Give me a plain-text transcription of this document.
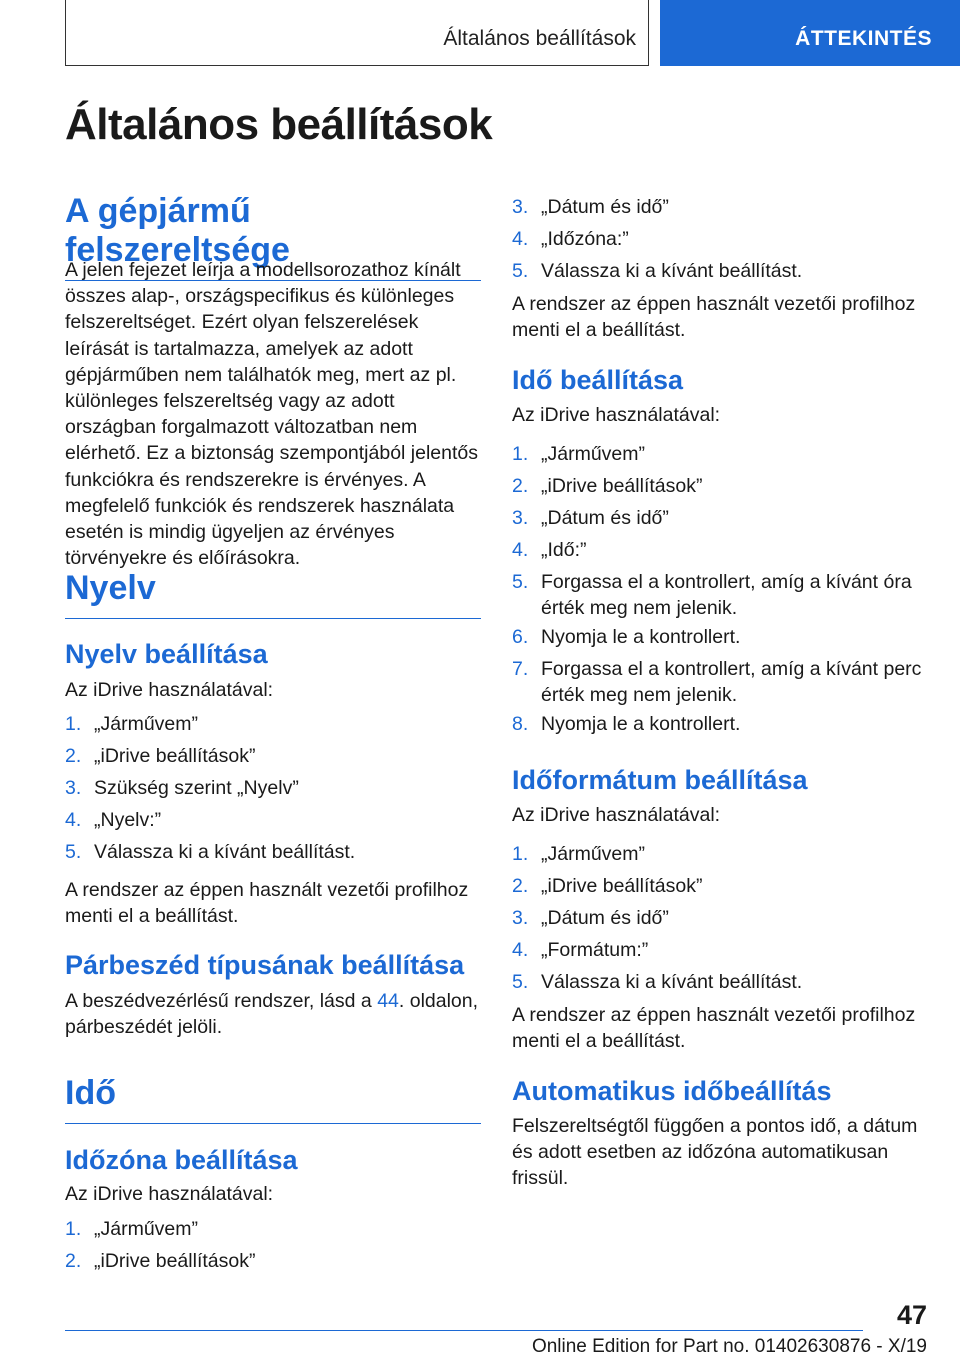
Általános beállítások	ÁTTEKINTÉS
Általános beállítások
A gépjármű felszereltsége
A jelen fejezet leírja a modellsorozathoz kínált összes alap-, országspecifikus és különleges felszereltséget. Ezért olyan felszerelések leírását is tartalmazza, amelyek az adott gépjárműben nem találhatók meg, mert az pl. különleges felszereltség vagy az adott országban forgalmazott változatban nem elérhető. Ez a biztonság szempontjából jelentős funkciókra és rendszerekre is érvényes. A megfelelő funkciók és rendszerek használata esetén is mindig ügyeljen az érvényes törvényekre és előírásokra.
Nyelv
Nyelv beállítása
Az iDrive használatával:
1. „Járművem”
2. „iDrive beállítások”
3. Szükség szerint „Nyelv”
4. „Nyelv:”
5. Válassza ki a kívánt beállítást.
A rendszer az éppen használt vezetői profilhoz menti el a beállítást.
Párbeszéd típusának beállítása
A beszédvezérlésű rendszer, lásd a 44. oldalon, párbeszédét jelöli.
Idő
Időzóna beállítása
Az iDrive használatával:
1. „Járművem”
2. „iDrive beállítások”
3. „Dátum és idő”
4. „Időzóna:”
5. Válassza ki a kívánt beállítást.
A rendszer az éppen használt vezetői profilhoz menti el a beállítást.
Idő beállítása
Az iDrive használatával:
1. „Járművem”
2. „iDrive beállítások”
3. „Dátum és idő”
4. „Idő:”
5. Forgassa el a kontrollert, amíg a kívánt óra érték meg nem jelenik.
6. Nyomja le a kontrollert.
7. Forgassa el a kontrollert, amíg a kívánt perc érték meg nem jelenik.
8. Nyomja le a kontrollert.
Időformátum beállítása
Az iDrive használatával:
1. „Járművem”
2. „iDrive beállítások”
3. „Dátum és idő”
4. „Formátum:”
5. Válassza ki a kívánt beállítást.
A rendszer az éppen használt vezetői profilhoz menti el a beállítást.
Automatikus időbeállítás
Felszereltségtől függően a pontos idő, a dátum és adott esetben az időzóna automatikusan frissül.
47
Online Edition for Part no. 01402630876 - X/19
